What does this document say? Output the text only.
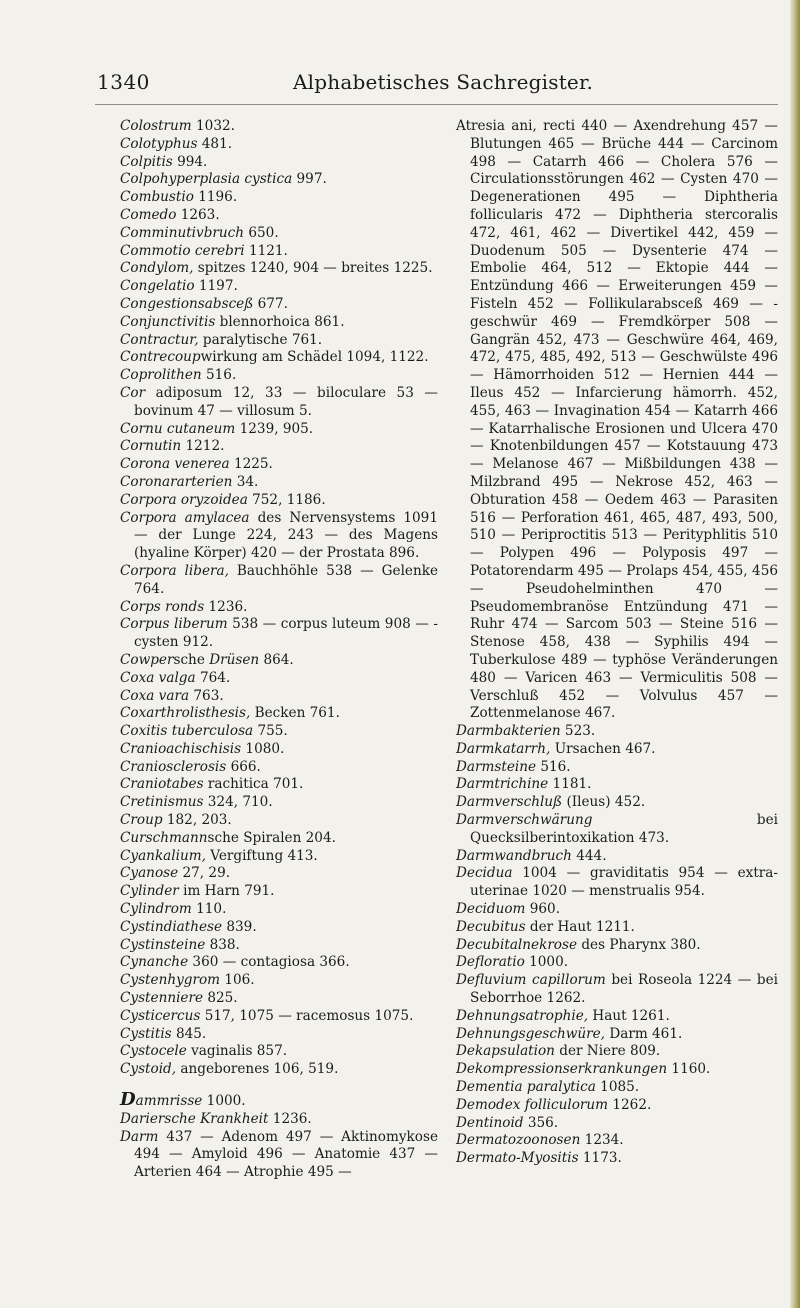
1340	Alphabetisches Sachregister.
Colostrum 1032.
Colotyphus 481.
Colpitis 994.
Colpohyperplasia cystica 997.
Combustio 1196.
Comedo 1263.
Comminutivbruch 650.
Commotio cerebri 1121.
Condylom, spitzes 1240, 904 — breites 1225.
Congelatio 1197.
Congestionsabsceß 677.
Conjunctivitis blennorhoica 861.
Contractur, paralytische 761.
Contrecoupwirkung am Schädel 1094, 1122.
Coprolithen 516.
Cor adiposum 12, 33 — biloculare 53 — bovinum 47 — villosum 5.
Cornu cutaneum 1239, 905.
Cornutin 1212.
Corona venerea 1225.
Coronararterien 34.
Corpora oryzoidea 752, 1186.
Corpora amylacea des Nervensystems 1091 — der Lunge 224, 243 — des Magens (hyaline Körper) 420 — der Prostata 896.
Corpora libera, Bauchhöhle 538 — Gelenke 764.
Corps ronds 1236.
Corpus liberum 538 — corpus luteum 908 — -cysten 912.
Cowpersche Drüsen 864.
Coxa valga 764.
Coxa vara 763.
Coxarthrolisthesis, Becken 761.
Coxitis tuberculosa 755.
Cranioachischisis 1080.
Craniosclerosis 666.
Craniotabes rachitica 701.
Cretinismus 324, 710.
Croup 182, 203.
Curschmannsche Spiralen 204.
Cyankalium, Vergiftung 413.
Cyanose 27, 29.
Cylinder im Harn 791.
Cylindrom 110.
Cystindiathese 839.
Cystinsteine 838.
Cynanche 360 — contagiosa 366.
Cystenhygrom 106.
Cystenniere 825.
Cysticercus 517, 1075 — racemosus 1075.
Cystitis 845.
Cystocele vaginalis 857.
Cystoid, angeborenes 106, 519.
Dammrisse 1000.
Dariersche Krankheit 1236.
Darm 437 — Adenom 497 — Aktinomykose 494 — Amyloid 496 — Anatomie 437 — Arterien 464 — Atrophie 495 —
Atresia ani, recti 440 — Axendrehung 457 — Blutungen 465 — Brüche 444 — Carcinom 498 — Catarrh 466 — Cholera 576 — Circulationsstörungen 462 — Cysten 470 — Degenerationen 495 — Diphtheria follicularis 472 — Diphtheria stercoralis 472, 461, 462 — Divertikel 442, 459 — Duodenum 505 — Dysenterie 474 — Embolie 464, 512 — Ektopie 444 — Entzündung 466 — Erweiterungen 459 — Fisteln 452 — Follikularabsceß 469 — -geschwür 469 — Fremdkörper 508 — Gangrän 452, 473 — Geschwüre 464, 469, 472, 475, 485, 492, 513 — Geschwülste 496 — Hämorrhoiden 512 — Hernien 444 — Ileus 452 — Infarcierung hämorrh. 452, 455, 463 — Invagination 454 — Katarrh 466 — Katarrhalische Erosionen und Ulcera 470 — Knotenbildungen 457 — Kotstauung 473 — Melanose 467 — Mißbildungen 438 — Milzbrand 495 — Nekrose 452, 463 — Obturation 458 — Oedem 463 — Parasiten 516 — Perforation 461, 465, 487, 493, 500, 510 — Periproctitis 513 — Perityphlitis 510 — Polypen 496 — Polyposis 497 — Potatorendarm 495 — Prolaps 454, 455, 456 — Pseudohelminthen 470 —Pseudomembranöse Entzündung 471 — Ruhr 474 — Sarcom 503 — Steine 516 — Stenose 458, 438 — Syphilis 494 — Tuberkulose 489 — typhöse Veränderungen 480 — Varicen 463 — Vermiculitis 508 — Verschluß 452 — Volvulus 457 — Zottenmelanose 467.
Darmbakterien 523.
Darmkatarrh, Ursachen 467.
Darmsteine 516.
Darmtrichine 1181.
Darmverschluß (Ileus) 452.
Darmverschwärung bei Quecksilberintoxikation 473.
Darmwandbruch 444.
Decidua 1004 — graviditatis 954 — extra-uterinae 1020 — menstrualis 954.
Deciduom 960.
Decubitus der Haut 1211.
Decubitalnekrose des Pharynx 380.
Defloratio 1000.
Defluvium capillorum bei Roseola 1224 — bei Seborrhoe 1262.
Dehnungsatrophie, Haut 1261.
Dehnungsgeschwüre, Darm 461.
Dekapsulation der Niere 809.
Dekompressionserkrankungen 1160.
Dementia paralytica 1085.
Demodex folliculorum 1262.
Dentinoid 356.
Dermatozoonosen 1234.
Dermato-Myositis 1173.
